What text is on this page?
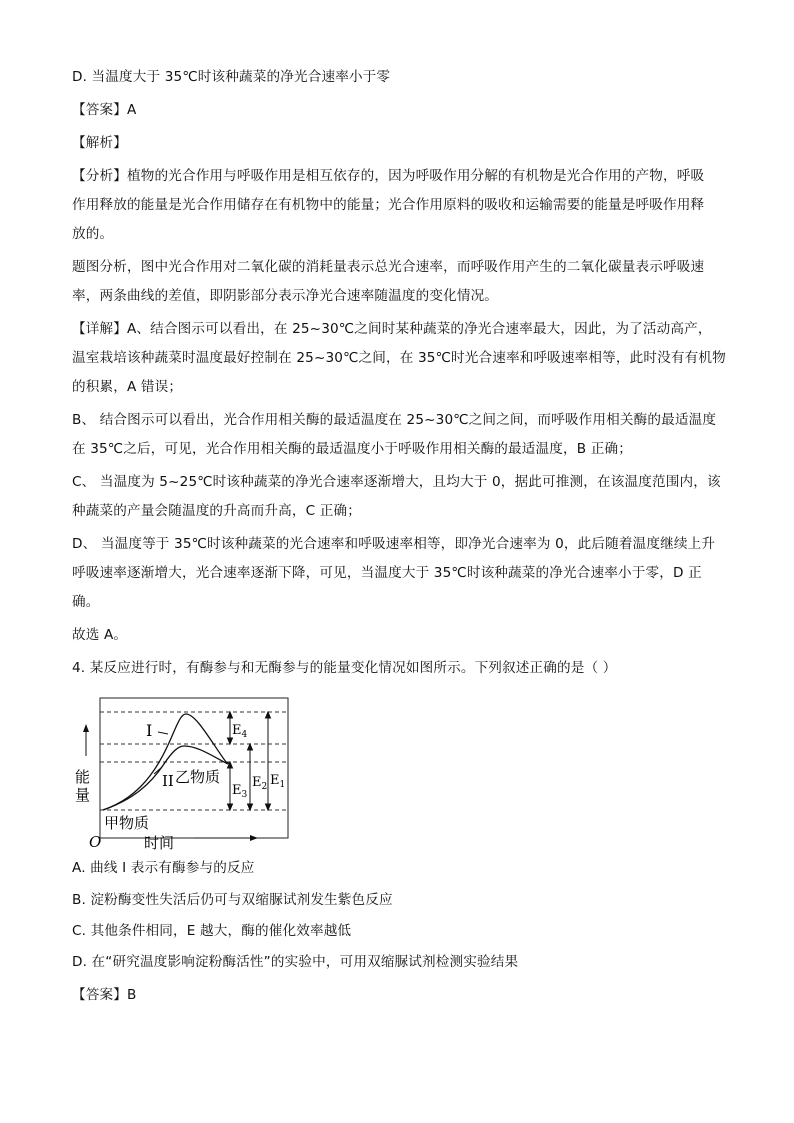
D. 当温度大于 35℃时该种蔬菜的净光合速率小于零
【答案】A
【解析】
【分析】植物的光合作用与呼吸作用是相互依存的，因为呼吸作用分解的有机物是光合作用的产物，呼吸
作用释放的能量是光合作用储存在有机物中的能量；光合作用原料的吸收和运输需要的能量是呼吸作用释
放的。
题图分析，图中光合作用对二氧化碳的消耗量表示总光合速率，而呼吸作用产生的二氧化碳量表示呼吸速
率，两条曲线的差值，即阴影部分表示净光合速率随温度的变化情况。
【详解】A、结合图示可以看出，在 25~30℃之间时某种蔬菜的净光合速率最大，因此，为了活动高产，
温室栽培该种蔬菜时温度最好控制在 25~30℃之间，在 35℃时光合速率和呼吸速率相等，此时没有有机物
的积累，A 错误；
B、 结合图示可以看出，光合作用相关酶的最适温度在 25~30℃之间之间，而呼吸作用相关酶的最适温度
在 35℃之后，可见，光合作用相关酶的最适温度小于呼吸作用相关酶的最适温度，B 正确；
C、 当温度为 5~25℃时该种蔬菜的净光合速率逐渐增大，且均大于 0，据此可推测，在该温度范围内，该
种蔬菜的产量会随温度的升高而升高，C 正确；
D、 当温度等于 35℃时该种蔬菜的光合速率和呼吸速率相等，即净光合速率为 0，此后随着温度继续上升
呼吸速率逐渐增大，光合速率逐渐下降，可见，当温度大于 35℃时该种蔬菜的净光合速率小于零，D 正
确。
故选 A。
4. 某反应进行时，有酶参与和无酶参与的能量变化情况如图所示。下列叙述正确的是（ ）
能
量
O	时间
I
II 乙物质
甲物质
$E_4$
$E_3$
$E_2$ $E_1$
A. 曲线 I 表示有酶参与的反应
B. 淀粉酶变性失活后仍可与双缩脲试剂发生紫色反应
C. 其他条件相同，E 越大，酶的催化效率越低
D. 在“研究温度影响淀粉酶活性”的实验中，可用双缩脲试剂检测实验结果
【答案】B
